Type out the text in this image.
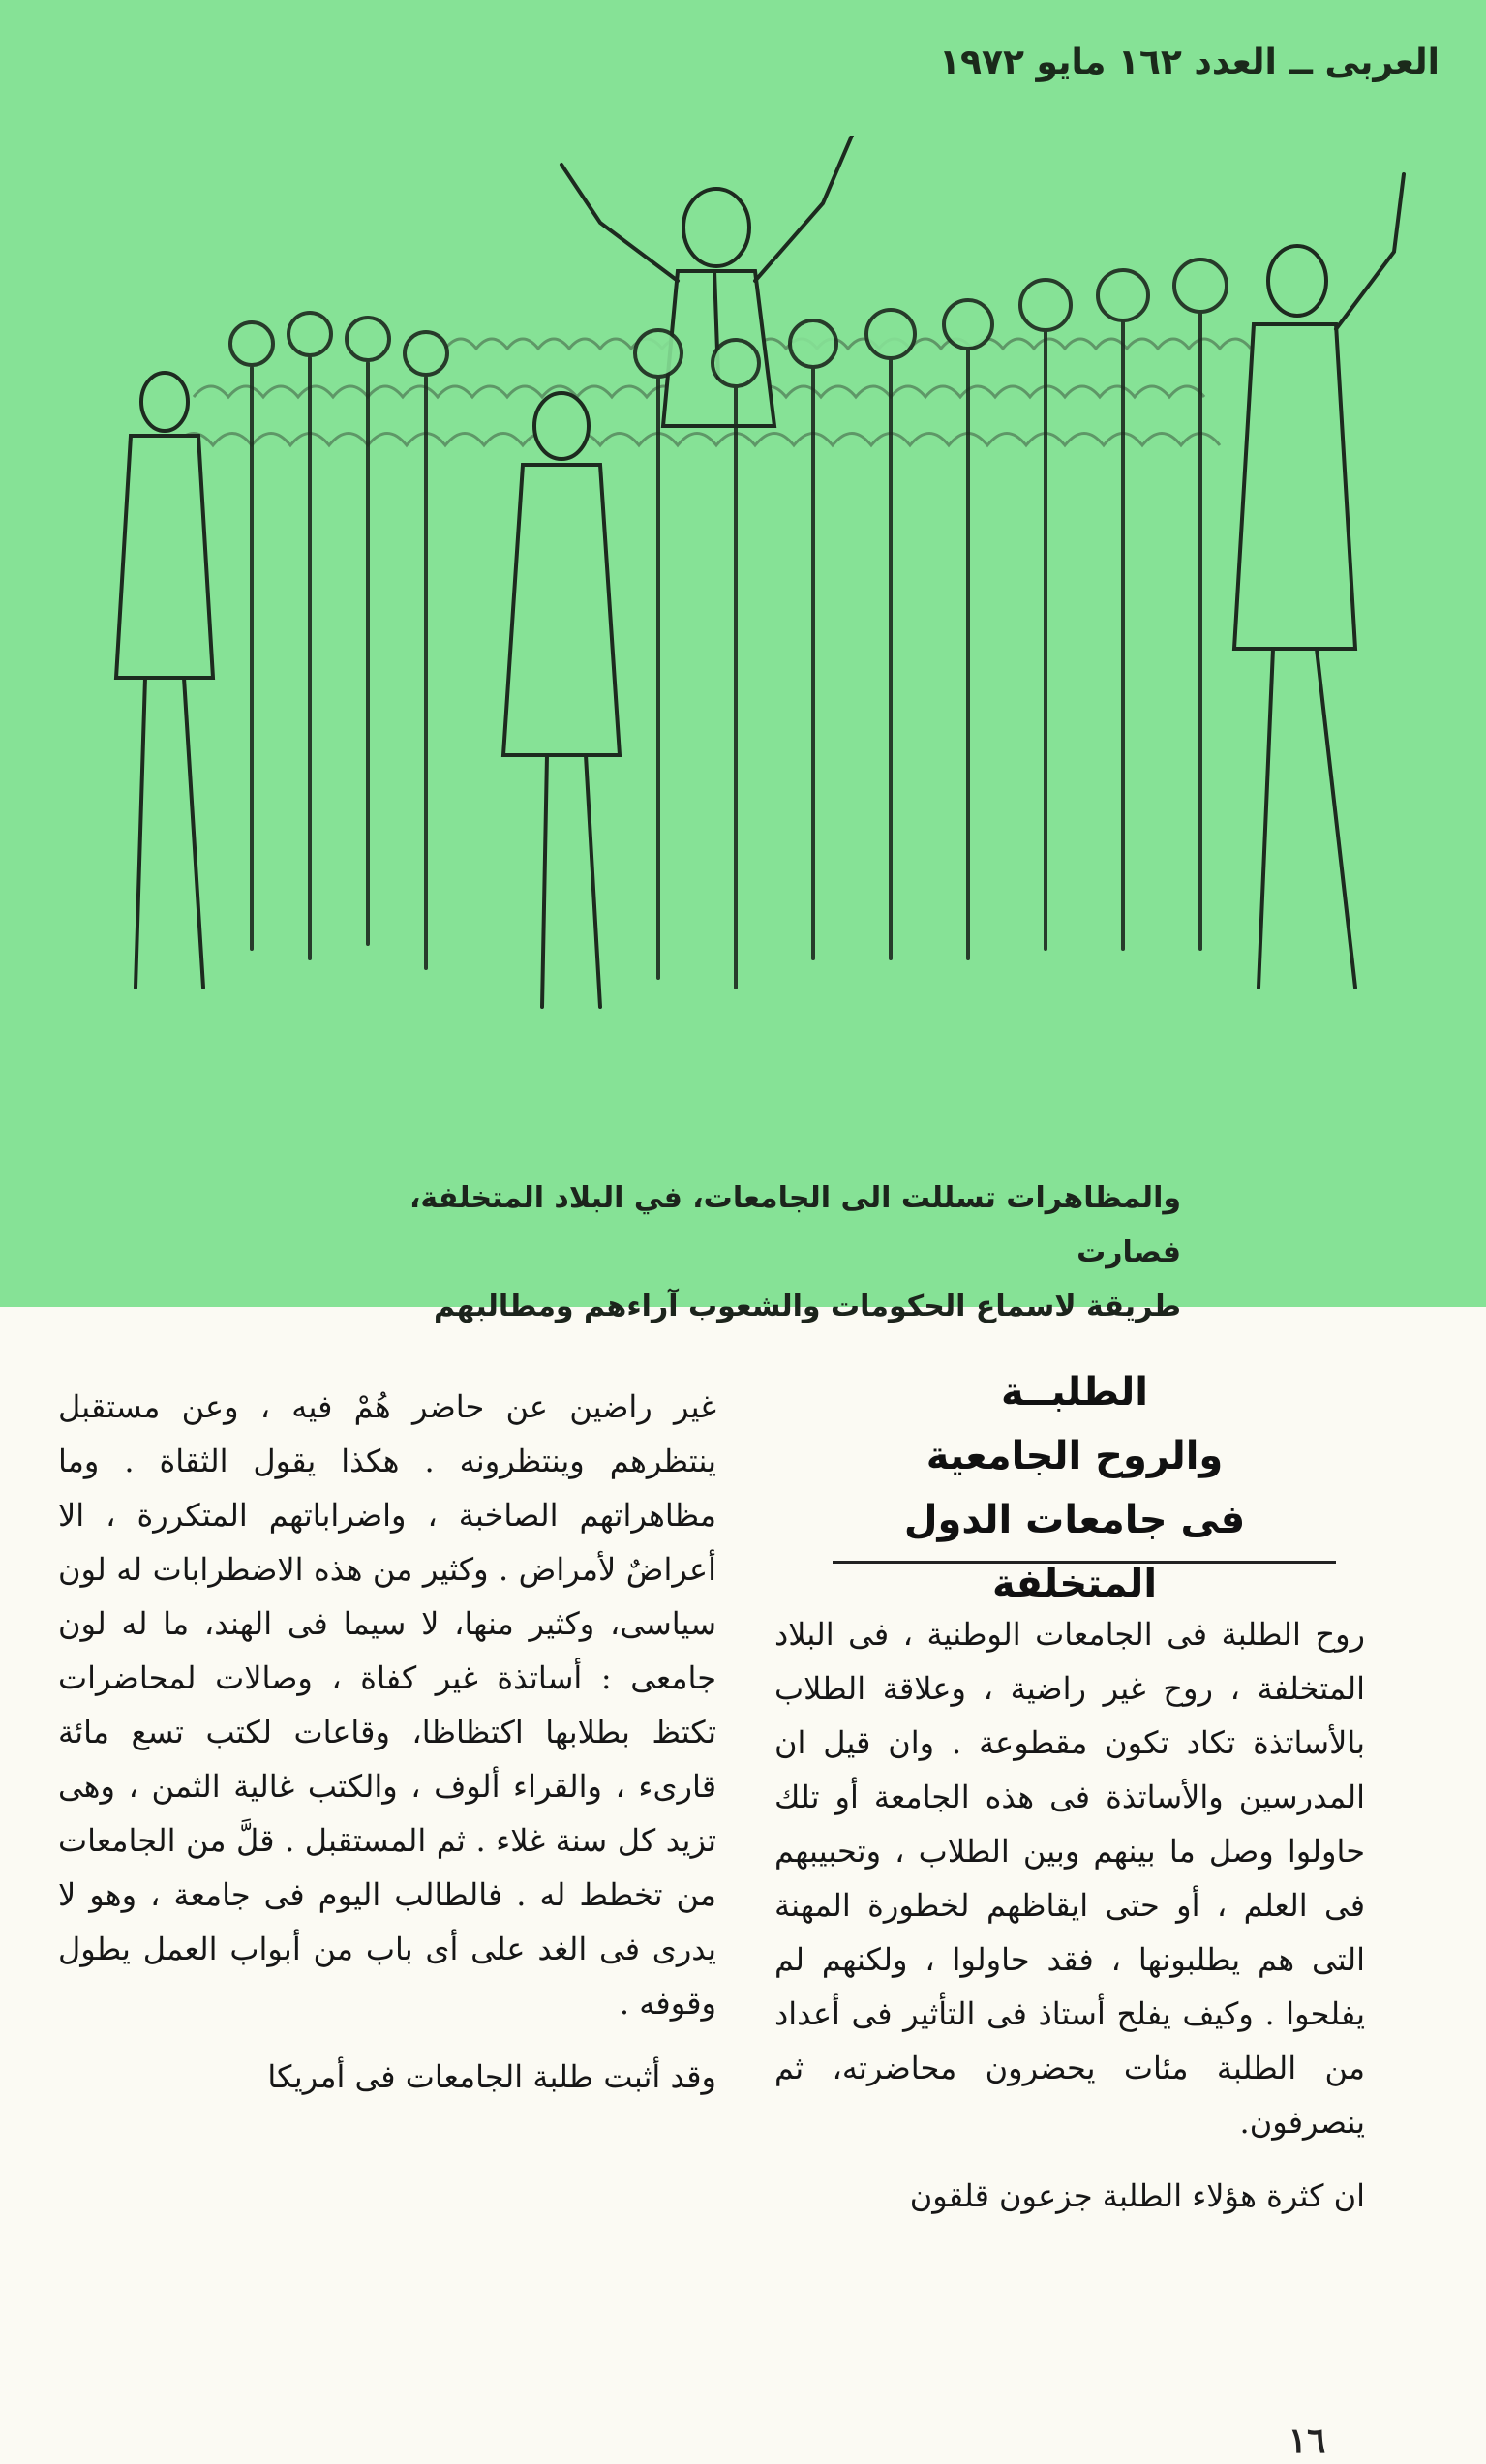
العربى ــ العدد ١٦٢ مايو ١٩٧٢
والمظاهرات تسللت الى الجامعات، في البلاد المتخلفة، فصارت
طريقة لاسماع الحكومات والشعوب آراءهم ومطالبهم
الطلبــة
والروح الجامعية
فى جامعات الدول المتخلفة

روح الطلبة فى الجامعات الوطنية ، فى البلاد المتخلفة ، روح غير راضية ، وعلاقة الطلاب بالأساتذة تكاد تكون مقطوعة . وان قيل ان المدرسين والأساتذة فى هذه الجامعة أو تلك حاولوا وصل ما بينهم وبين الطلاب ، وتحبيبهم فى العلم ، أو حتى ايقاظهم لخطورة المهنة التى هم يطلبونها ، فقد حاولوا ، ولكنهم لم يفلحوا . وكيف يفلح أستاذ فى التأثير فى أعداد من الطلبة مئات يحضرون محاضرته، ثم ينصرفون.

ان كثرة هؤلاء الطلبة جزعون قلقون

غير راضين عن حاضر هُمْ فيه ، وعن مستقبل ينتظرهم وينتظرونه . هكذا يقول الثقاة . وما مظاهراتهم الصاخبة ، واضراباتهم المتكررة ، الا أعراضٌ لأمراض . وكثير من هذه الاضطرابات له لون سياسى، وكثير منها، لا سيما فى الهند، ما له لون جامعى : أساتذة غير كفاة ، وصالات لمحاضرات تكتظ بطلابها اكتظاظا، وقاعات لكتب تسع مائة قارىء ، والقراء ألوف ، والكتب غالية الثمن ، وهى تزيد كل سنة غلاء . ثم المستقبل . قلَّ من الجامعات من تخطط له . فالطالب اليوم فى جامعة ، وهو لا يدرى فى الغد على أى باب من أبواب العمل يطول وقوفه .

وقد أثبت طلبة الجامعات فى أمريكا

١٦
